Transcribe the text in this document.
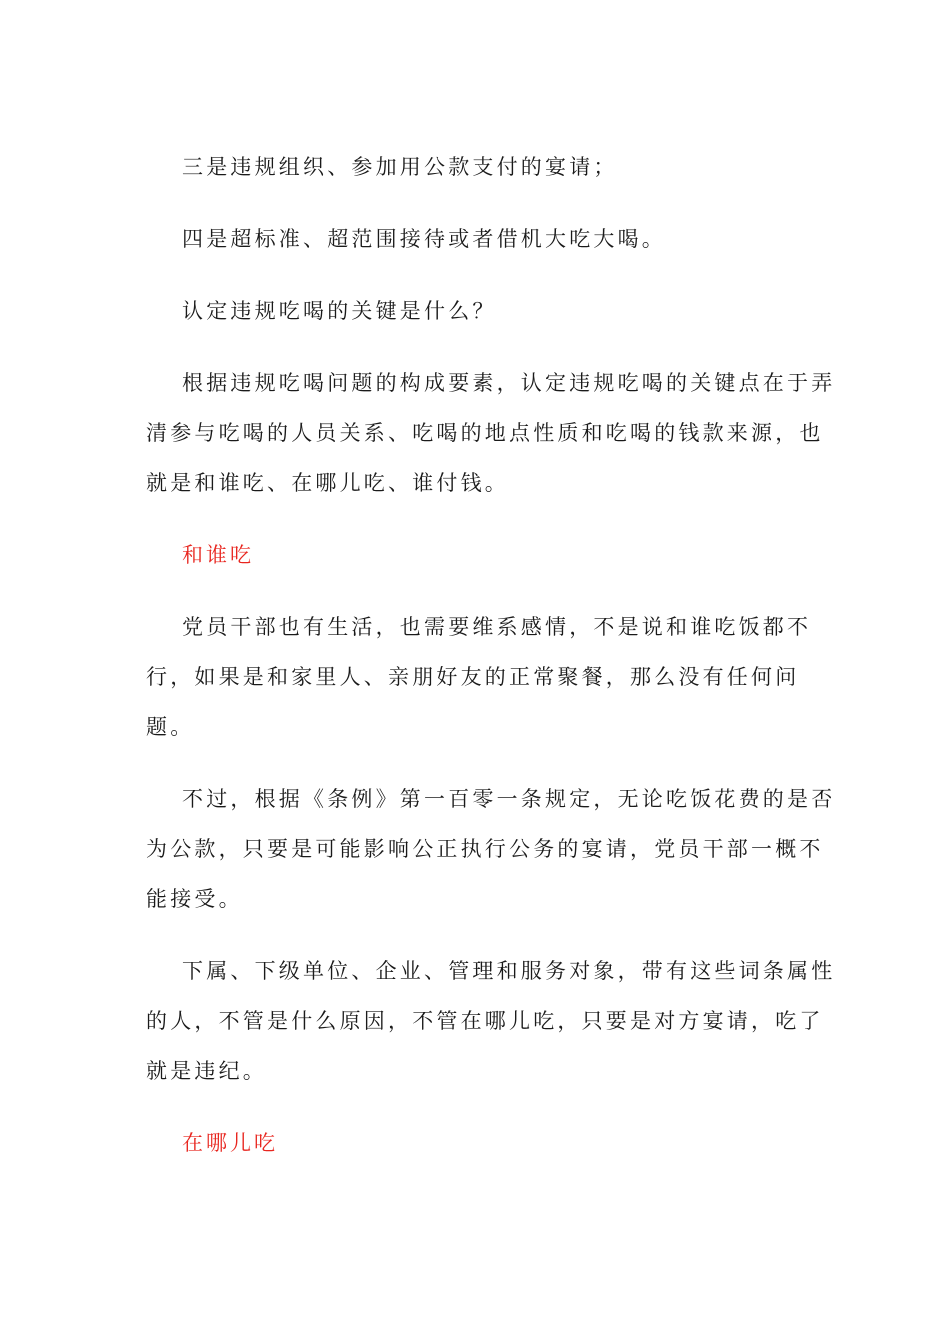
三是违规组织、参加用公款支付的宴请；

四是超标准、超范围接待或者借机大吃大喝。

认定违规吃喝的关键是什么？

根据违规吃喝问题的构成要素，认定违规吃喝的关键点在于弄清参与吃喝的人员关系、吃喝的地点性质和吃喝的钱款来源，也就是和谁吃、在哪儿吃、谁付钱。

和谁吃

党员干部也有生活，也需要维系感情，不是说和谁吃饭都不行，如果是和家里人、亲朋好友的正常聚餐，那么没有任何问题。

不过，根据《条例》第一百零一条规定，无论吃饭花费的是否为公款，只要是可能影响公正执行公务的宴请，党员干部一概不能接受。

下属、下级单位、企业、管理和服务对象，带有这些词条属性的人，不管是什么原因，不管在哪儿吃，只要是对方宴请，吃了就是违纪。

在哪儿吃
